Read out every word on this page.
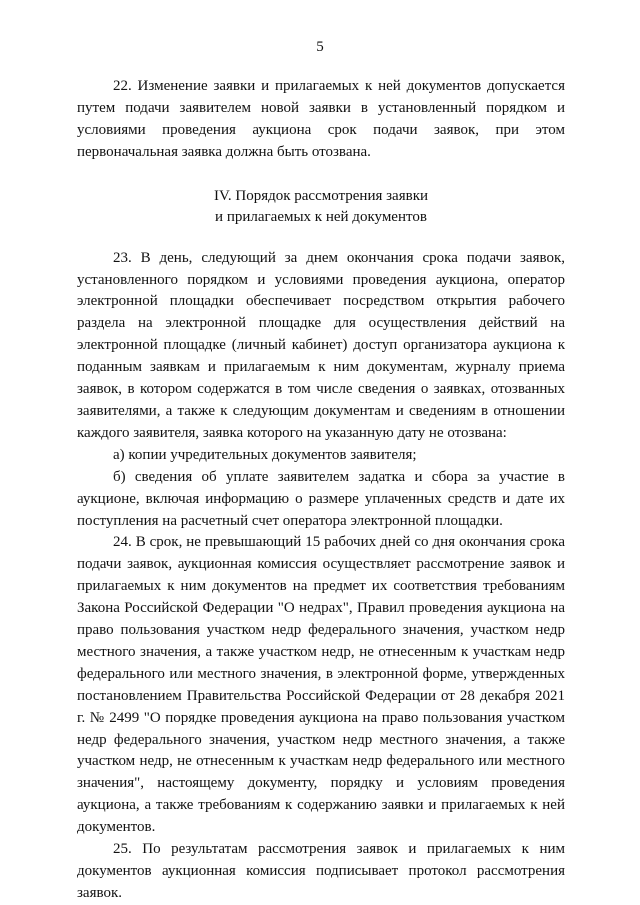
5

22. Изменение заявки и прилагаемых к ней документов допускается путем подачи заявителем новой заявки в установленный порядком и условиями проведения аукциона срок подачи заявок, при этом первоначальная заявка должна быть отозвана.

IV. Порядок рассмотрения заявки
и прилагаемых к ней документов

23. В день, следующий за днем окончания срока подачи заявок, установленного порядком и условиями проведения аукциона, оператор электронной площадки обеспечивает посредством открытия рабочего раздела на электронной площадке для осуществления действий на электронной площадке (личный кабинет) доступ организатора аукциона к поданным заявкам и прилагаемым к ним документам, журналу приема заявок, в котором содержатся в том числе сведения о заявках, отозванных заявителями, а также к следующим документам и сведениям в отношении каждого заявителя, заявка которого на указанную дату не отозвана:

а) копии учредительных документов заявителя;

б) сведения об уплате заявителем задатка и сбора за участие в аукционе, включая информацию о размере уплаченных средств и дате их поступления на расчетный счет оператора электронной площадки.

24. В срок, не превышающий 15 рабочих дней со дня окончания срока подачи заявок, аукционная комиссия осуществляет рассмотрение заявок и прилагаемых к ним документов на предмет их соответствия требованиям Закона Российской Федерации "О недрах", Правил проведения аукциона на право пользования участком недр федерального значения, участком недр местного значения, а также участком недр, не отнесенным к участкам недр федерального или местного значения, в электронной форме, утвержденных постановлением Правительства Российской Федерации от 28 декабря 2021 г. № 2499 "О порядке проведения аукциона на право пользования участком недр федерального значения, участком недр местного значения, а также участком недр, не отнесенным к участкам недр федерального или местного значения", настоящему документу, порядку и условиям проведения аукциона, а также требованиям к содержанию заявки и прилагаемых к ней документов.

25. По результатам рассмотрения заявок и прилагаемых к ним документов аукционная комиссия подписывает протокол рассмотрения заявок.
